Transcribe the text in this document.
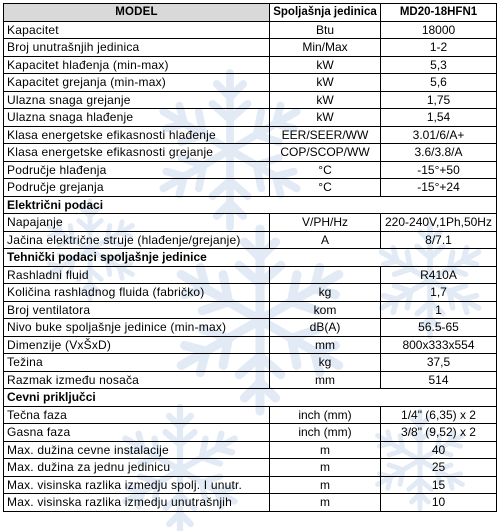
MODEL	Spoljašnja jedinica	MD20-18HFN1
Kapacitet	Btu	18000
Broj unutrašnjih jedinica	Min/Max	1-2
Kapacitet hlađenja (min-max)	kW	5,3
Kapacitet grejanja (min-max)	kW	5,6
Ulazna snaga grejanje	kW	1,75
Ulazna snaga hlađenje	kW	1,54
Klasa energetske efikasnosti hlađenje	EER/SEER/WW	3.01/6/A+
Klasa energetske efikasnosti grejanje	COP/SCOP/WW	3.6/3.8/A
Područje hlađenja	°C	-15°+50
Područje grejanja	°C	-15°+24
Električni podaci		
Napajanje	V/PH/Hz	220-240V,1Ph,50Hz
Jačina električne struje (hlađenje/grejanje)	A	8/7.1
Tehnički podaci spoljašnje jedinice		
Rashladni fluid		R410A
Količina rashladnog fluida (fabričko)	kg	1,7
Broj ventilatora	kom	1
Nivo buke spoljašnje jedinice (min-max)	dB(A)	56.5-65
Dimenzije (VxŠxD)	mm	800x333x554
Težina	kg	37,5
Razmak između nosača	mm	514
Cevni priključci		
Tečna faza	inch (mm)	1/4" (6,35) x 2
Gasna faza	inch (mm)	3/8" (9,52) x 2
Max. dužina cevne instalacije	m	40
Max. dužina za jednu jedinicu	m	25
Max. visinska razlika izmedju spolj. I unutr.	m	15
Max. visinska razlika izmedju unutrašnjih	m	10
